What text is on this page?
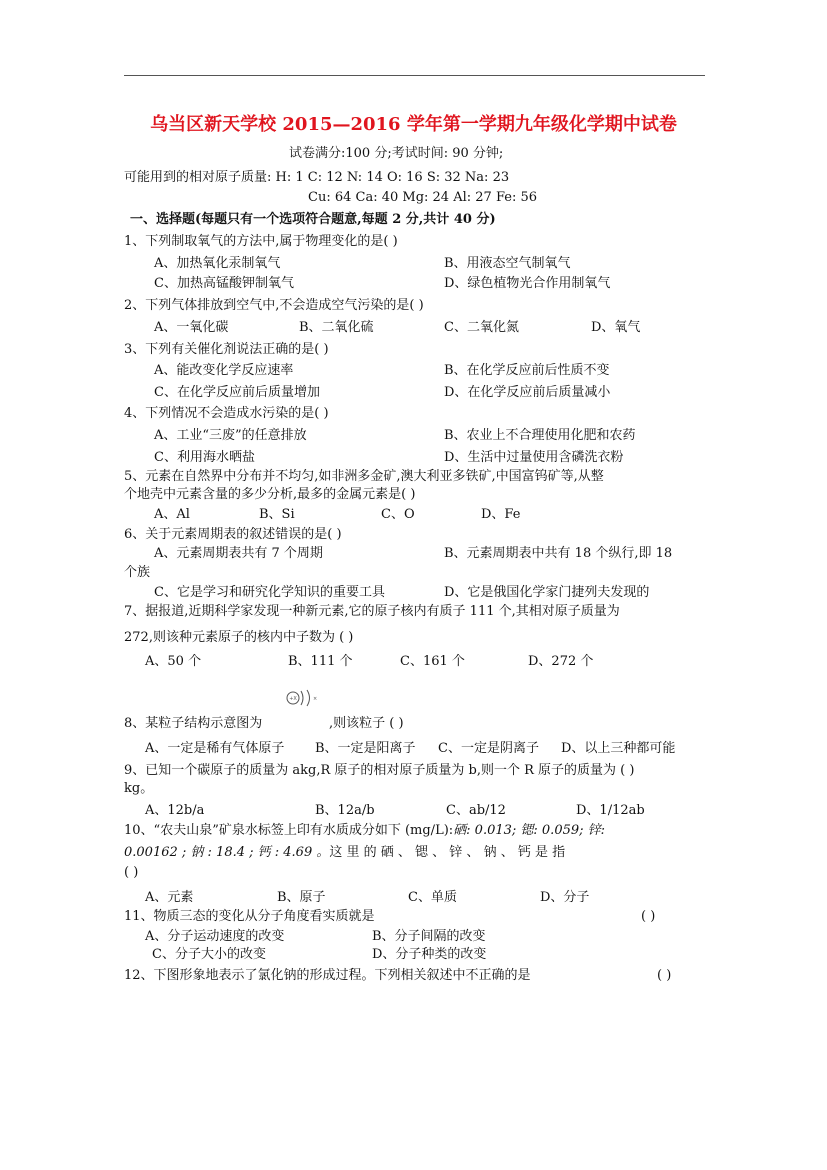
乌当区新天学校 2015—2016 学年第一学期九年级化学期中试卷
试卷满分:100 分;考试时间: 90 分钟;
可能用到的相对原子质量: H: 1 C: 12 N: 14 O: 16 S: 32 Na: 23
Cu: 64 Ca: 40 Mg: 24 Al: 27 Fe: 56
一、选择题(每题只有一个选项符合题意,每题 2 分,共计 40 分)
1、下列制取氧气的方法中,属于物理变化的是( )
A、加热氧化汞制氧气	B、用液态空气制氧气
C、加热高锰酸钾制氧气	D、绿色植物光合作用制氧气
2、下列气体排放到空气中,不会造成空气污染的是( )
A、一氧化碳	B、二氧化硫	C、二氧化氮	D、氧气
3、下列有关催化剂说法正确的是( )
A、能改变化学反应速率	B、在化学反应前后性质不变
C、在化学反应前后质量增加	D、在化学反应前后质量减小
4、下列情况不会造成水污染的是( )
A、工业“三废”的任意排放	B、农业上不合理使用化肥和农药
C、利用海水晒盐	D、生活中过量使用含磷洗衣粉
5、元素在自然界中分布并不均匀,如非洲多金矿,澳大利亚多铁矿,中国富钨矿等,从整
个地壳中元素含量的多少分析,最多的金属元素是( )
A、Al	B、Si	C、O	D、Fe
6、关于元素周期表的叙述错误的是( )
A、元素周期表共有 7 个周期	B、元素周期表中共有 18 个纵行,即 18
个族
C、它是学习和研究化学知识的重要工具	D、它是俄国化学家门捷列夫发现的
7、据报道,近期科学家发现一种新元素,它的原子核内有质子 111 个,其相对原子质量为
272,则该种元素原子的核内中子数为 ( )
A、50 个	B、111 个	C、161 个	D、272 个
+X	×
8、某粒子结构示意图为	,则该粒子 ( )
A、一定是稀有气体原子 B、一定是阳离子 C、一定是阴离子 D、以上三种都可能
9、已知一个碳原子的质量为 akg,R 原子的相对原子质量为 b,则一个 R 原子的质量为 ( )
kg。
A、12b/a	B、12a/b	C、ab/12	D、1/12ab
10、“农夫山泉”矿泉水标签上印有水质成分如下 (mg/L):硒: 0.013; 锶: 0.059; 锌:
0.00162 ; 钠 : 18.4 ; 钙 : 4.69 。这 里 的 硒 、 锶 、 锌 、 钠 、 钙 是 指
( )
A、元素	B、原子	C、单质	D、分子
11、物质三态的变化从分子角度看实质就是	( )
A、分子运动速度的改变	B、分子间隔的改变
C、分子大小的改变	D、分子种类的改变
12、下图形象地表示了氯化钠的形成过程。下列相关叙述中不正确的是	( )
